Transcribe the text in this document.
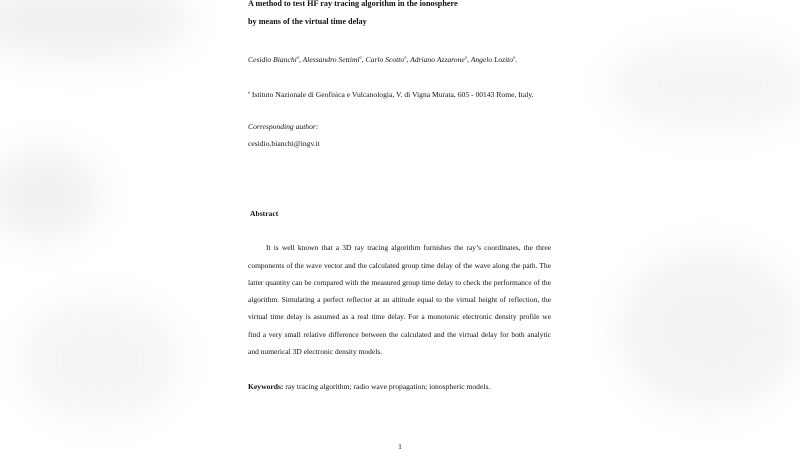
A method to test HF ray tracing algorithm in the ionosphere
by means of the virtual time delay
Cesidio Bianchi$^a$, Alessandro Settimi$^a$, Carlo Scotto$^a$, Adriano Azzarone$^a$, Angelo Lozito$^a$.
$^a$ Istituto Nazionale di Geofisica e Vulcanologia, V. di Vigna Murata, 605 - 00143 Rome, Italy.
Corresponding author:
cesidio.bianchi@ingv.it
Abstract
It is well known that a 3D ray tracing algorithm furnishes the ray’s coordinates, the three
components of the wave vector and the calculated group time delay of the wave along the path. The
latter quantity can be compared with the measured group time delay to check the performance of the
algorithm. Simulating a perfect reflector at an altitude equal to the virtual height of reflection, the
virtual time delay is assumed as a real time delay. For a monotonic electronic density profile we
find a very small relative difference between the calculated and the virtual delay for both analytic
and numerical 3D electronic density models.
Keywords: ray tracing algorithm; radio wave propagation; ionospheric models.
1
